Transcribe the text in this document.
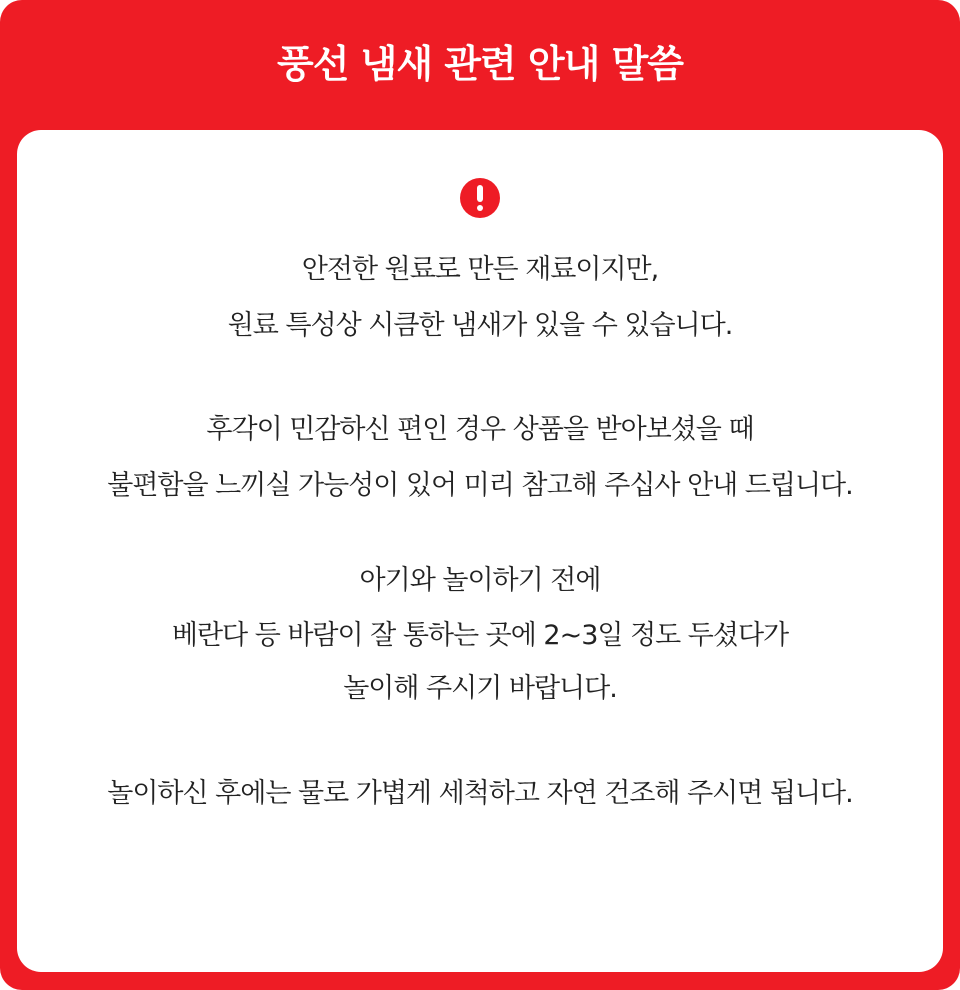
풍선 냄새 관련 안내 말씀
안전한 원료로 만든 재료이지만,
원료 특성상 시큼한 냄새가 있을 수 있습니다.
후각이 민감하신 편인 경우 상품을 받아보셨을 때
불편함을 느끼실 가능성이 있어 미리 참고해 주십사 안내 드립니다.
아기와 놀이하기 전에
베란다 등 바람이 잘 통하는 곳에 2~3일 정도 두셨다가
놀이해 주시기 바랍니다.
놀이하신 후에는 물로 가볍게 세척하고 자연 건조해 주시면 됩니다.
